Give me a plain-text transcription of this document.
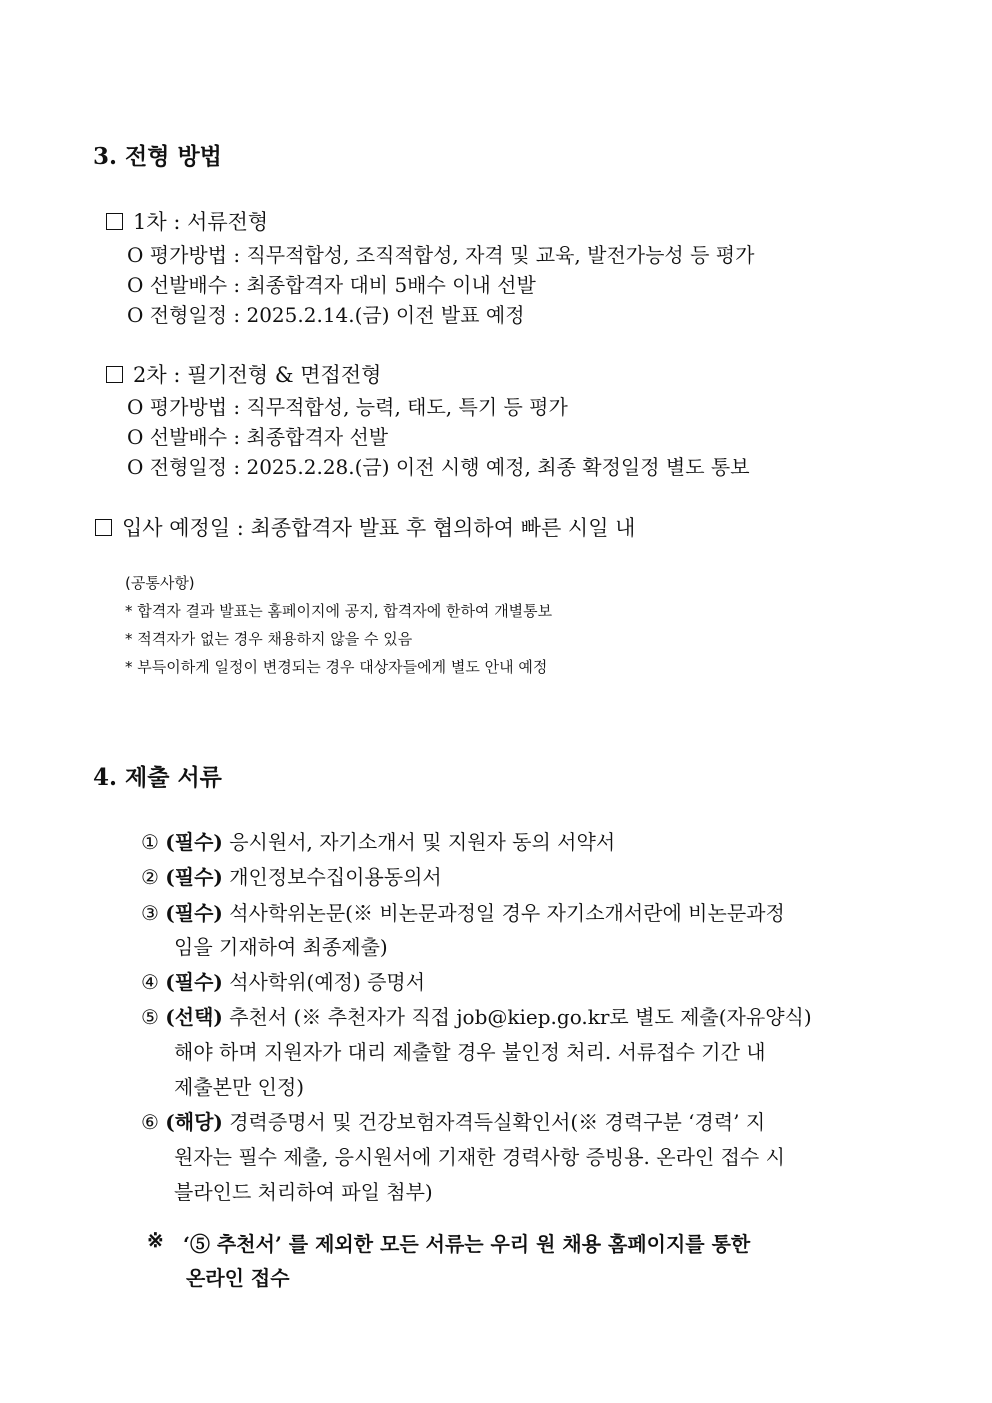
3. 전형 방법
1차 : 서류전형
O 평가방법 : 직무적합성, 조직적합성, 자격 및 교육, 발전가능성 등 평가
O 선발배수 : 최종합격자 대비 5배수 이내 선발
O 전형일정 : 2025.2.14.(금) 이전 발표 예정
2차 : 필기전형 & 면접전형
O 평가방법 : 직무적합성, 능력, 태도, 특기 등 평가
O 선발배수 : 최종합격자 선발
O 전형일정 : 2025.2.28.(금) 이전 시행 예정, 최종 확정일정 별도 통보
입사 예정일 : 최종합격자 발표 후 협의하여 빠른 시일 내
(공통사항)
* 합격자 결과 발표는 홈페이지에 공지, 합격자에 한하여 개별통보
* 적격자가 없는 경우 채용하지 않을 수 있음
* 부득이하게 일정이 변경되는 경우 대상자들에게 별도 안내 예정
4. 제출 서류
① (필수) 응시원서, 자기소개서 및 지원자 동의 서약서
② (필수) 개인정보수집이용동의서
③ (필수) 석사학위논문(※ 비논문과정일 경우 자기소개서란에 비논문과정
임을 기재하여 최종제출)
④ (필수) 석사학위(예정) 증명서
⑤ (선택) 추천서 (※ 추천자가 직접 job@kiep.go.kr로 별도 제출(자유양식)
해야 하며 지원자가 대리 제출할 경우 불인정 처리. 서류접수 기간 내
제출본만 인정)
⑥ (해당) 경력증명서 및 건강보험자격득실확인서(※ 경력구분 ‘경력’ 지
원자는 필수 제출, 응시원서에 기재한 경력사항 증빙용. 온라인 접수 시
블라인드 처리하여 파일 첨부)
※ ‘⑤ 추천서’ 를 제외한 모든 서류는 우리 원 채용 홈페이지를 통한
온라인 접수
